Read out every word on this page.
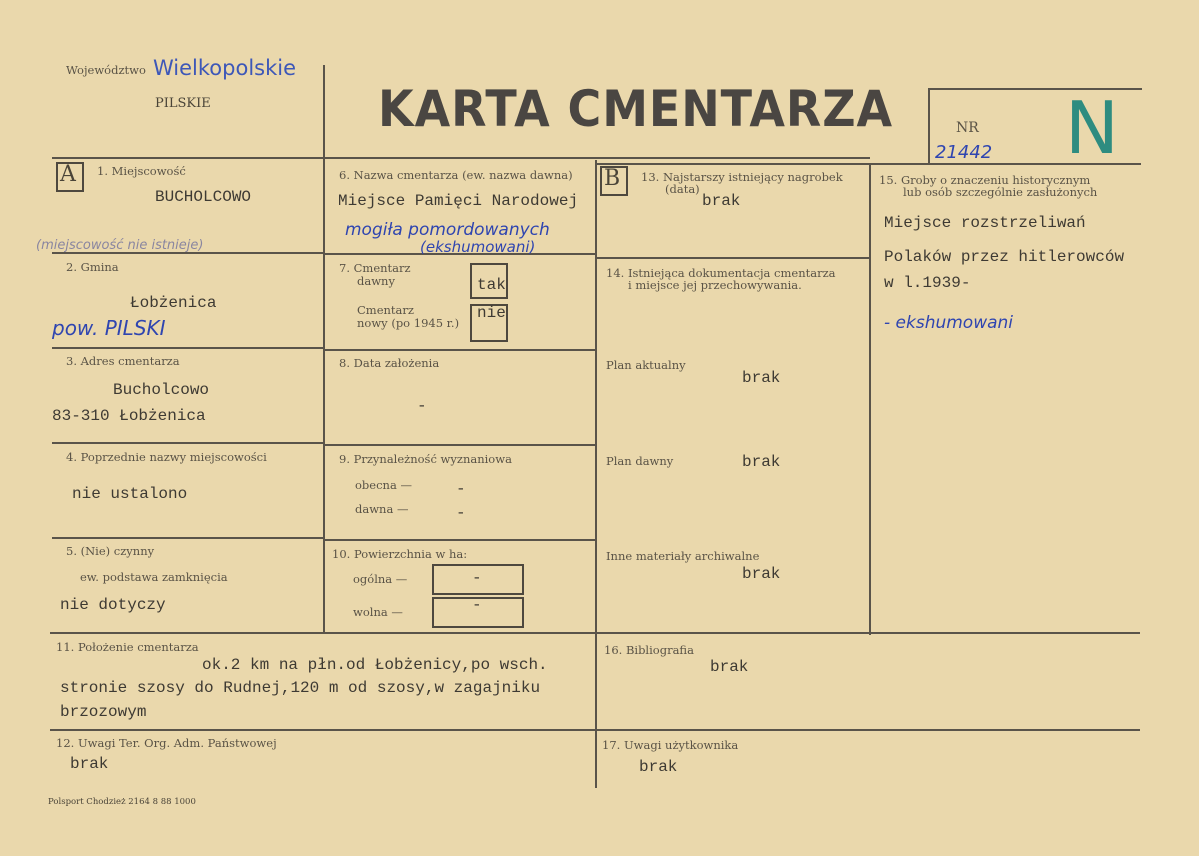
Województwo Wielkopolskie
PILSKIE	KARTA CMENTARZA	NR
21442 N
A 1. Miejscowość
BUCHOLCOWO
(miejscowość nie istnieje)
2. Gmina
Łobżenica
pow. PILSKI
3. Adres cmentarza
Bucholcowo
83-310 Łobżenica
4. Poprzednie nazwy miejscowości
nie ustalono
5. (Nie) czynny
ew. podstawa zamknięcia
nie dotyczy
6. Nazwa cmentarza (ew. nazwa dawna)
Miejsce Pamięci Narodowej
mogiła pomordowanych
(ekshumowani)
7. Cmentarz
dawny	tak
Cmentarz
nowy (po 1945 r.)
nie
8. Data założenia
-
9. Przynależność wyznaniowa
obecna —	-
dawna —	-
10. Powierzchnia w ha:
ogólna —	-
wolna —	-
11. Położenie cmentarza
ok.2 km na płn.od Łobżenicy,po wsch.
stronie szosy do Rudnej,120 m od szosy,w zagajniku
brzozowym
12. Uwagi Ter. Org. Adm. Państwowej
brak
B 13. Najstarszy istniejący nagrobek
(data)
brak
14. Istniejąca dokumentacja cmentarza
i miejsce jej przechowywania.
Plan aktualny
brak
Plan dawny	brak
Inne materiały archiwalne
brak
15. Groby o znaczeniu historycznym
lub osób szczególnie zasłużonych
Miejsce rozstrzeliwań
Polaków przez hitlerowców
w l.1939-
- ekshumowani
16. Bibliografia
brak
17. Uwagi użytkownika
brak
Polsport Chodzież 2164 8 88 1000
